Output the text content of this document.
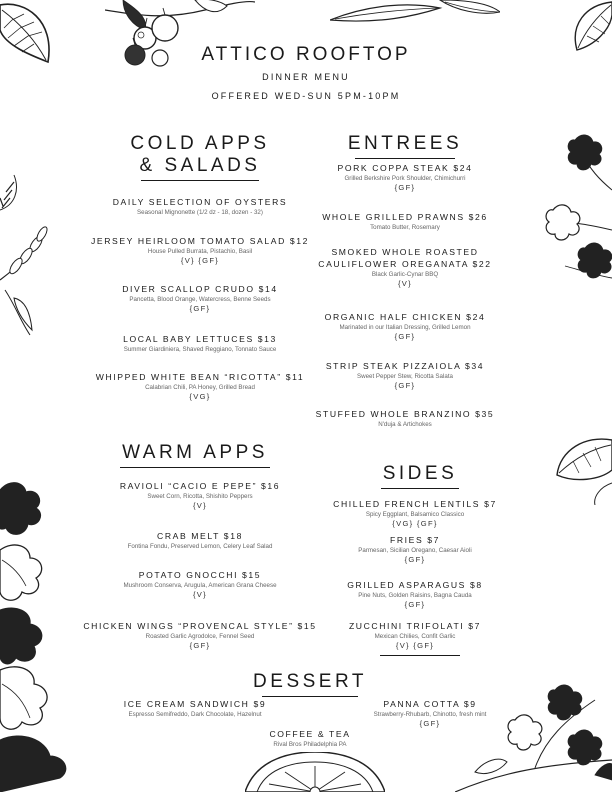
ATTICO ROOFTOP
DINNER MENU
OFFERED WED-SUN 5PM-10PM
COLD APPS
& SALADS
DAILY SELECTION OF OYSTERS
Seasonal Mignonette (1/2 dz - 18, dozen - 32)
JERSEY HEIRLOOM TOMATO SALAD $12
House Pulled Burrata, Pistachio, Basil
{V} {GF}
DIVER SCALLOP CRUDO $14
Pancetta, Blood Orange, Watercress, Benne Seeds
{GF}
LOCAL BABY LETTUCES $13
Summer Giardiniera, Shaved Reggiano, Tonnato Sauce
WHIPPED WHITE BEAN “RICOTTA” $11
Calabrian Chili, PA Honey, Grilled Bread
{VG}
WARM APPS
RAVIOLI “CACIO E PEPE” $16
Sweet Corn, Ricotta, Shishito Peppers
{V}
CRAB MELT $18
Fontina Fondu, Preserved Lemon, Celery Leaf Salad
POTATO GNOCCHI $15
Mushroom Conserva, Arugula, American Grana Cheese
{V}
CHICKEN WINGS “PROVENCAL STYLE” $15
Roasted Garlic Agrodolce, Fennel Seed
{GF}
ENTREES
PORK COPPA STEAK $24
Grilled Berkshire Pork Shoulder, Chimichurri
{GF}
WHOLE GRILLED PRAWNS $26
Tomato Butter, Rosemary
SMOKED WHOLE ROASTED
CAULIFLOWER OREGANATA $22
Black Garlic-Cynar BBQ
{V}
ORGANIC HALF CHICKEN $24
Marinated in our Italian Dressing, Grilled Lemon
{GF}
STRIP STEAK PIZZAIOLA $34
Sweet Pepper Stew, Ricotta Salata
{GF}
STUFFED WHOLE BRANZINO $35
N'duja & Artichokes
SIDES
CHILLED FRENCH LENTILS $7
Spicy Eggplant, Balsamico Classico
{VG} {GF}
FRIES $7
Parmesan, Sicilian Oregano, Caesar Aioli
{GF}
GRILLED ASPARAGUS $8
Pine Nuts, Golden Raisins, Bagna Cauda
{GF}
ZUCCHINI TRIFOLATI $7
Mexican Chilies, Confit Garlic
{V} {GF}
DESSERT
ICE CREAM SANDWICH $9
Espresso Semifreddo, Dark Chocolate, Hazelnut
PANNA COTTA $9
Strawberry-Rhubarb, Chinotto, fresh mint
{GF}
COFFEE & TEA
Rival Bros Philadelphia PA
